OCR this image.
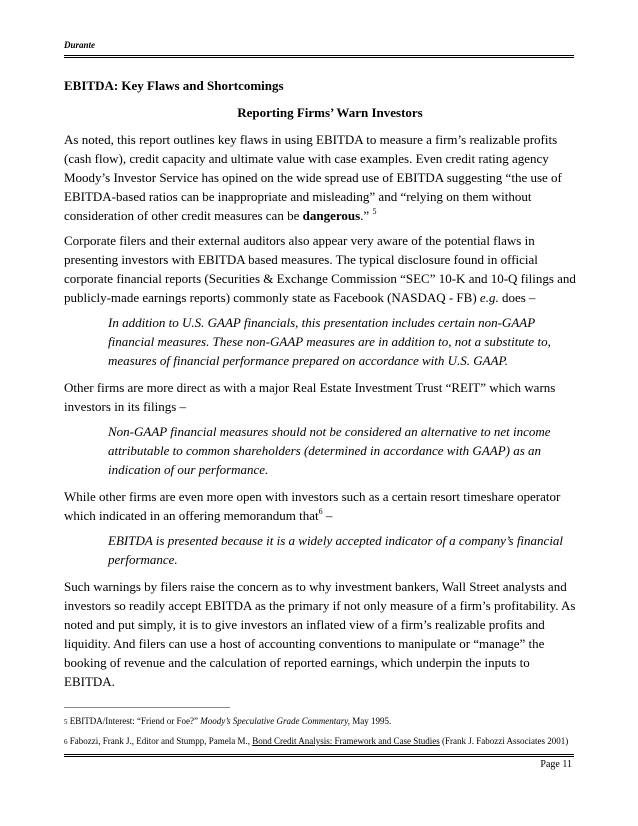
Durante
EBITDA: Key Flaws and Shortcomings
Reporting Firms’ Warn Investors

As noted, this report outlines key flaws in using EBITDA to measure a firm’s realizable profits (cash flow), credit capacity and ultimate value with case examples. Even credit rating agency Moody’s Investor Service has opined on the wide spread use of EBITDA suggesting “the use of EBITDA-based ratios can be inappropriate and misleading” and “relying on them without consideration of other credit measures can be dangerous.” $^5$

Corporate filers and their external auditors also appear very aware of the potential flaws in presenting investors with EBITDA based measures. The typical disclosure found in official corporate financial reports (Securities & Exchange Commission “SEC” 10-K and 10-Q filings and publicly-made earnings reports) commonly state as Facebook (NASDAQ - FB) e.g. does –

In addition to U.S. GAAP financials, this presentation includes certain non-GAAP financial measures. These non-GAAP measures are in addition to, not a substitute to, measures of financial performance prepared on accordance with U.S. GAAP.

Other firms are more direct as with a major Real Estate Investment Trust “REIT” which warns investors in its filings –

Non-GAAP financial measures should not be considered an alternative to net income attributable to common shareholders (determined in accordance with GAAP) as an indication of our performance.

While other firms are even more open with investors such as a certain resort timeshare operator which indicated in an offering memorandum that$^6$ –

EBITDA is presented because it is a widely accepted indicator of a company’s financial performance.

Such warnings by filers raise the concern as to why investment bankers, Wall Street analysts and investors so readily accept EBITDA as the primary if not only measure of a firm’s profitability. As noted and put simply, it is to give investors an inflated view of a firm’s realizable profits and liquidity. And filers can use a host of accounting conventions to manipulate or “manage” the booking of revenue and the calculation of reported earnings, which underpin the inputs to EBITDA.

5 EBITDA/Interest: “Friend or Foe?” Moody’s Speculative Grade Commentary, May 1995.
6 Fabozzi, Frank J., Editor and Stumpp, Pamela M., Bond Credit Analysis: Framework and Case Studies (Frank J. Fabozzi Associates 2001)
Page 11
